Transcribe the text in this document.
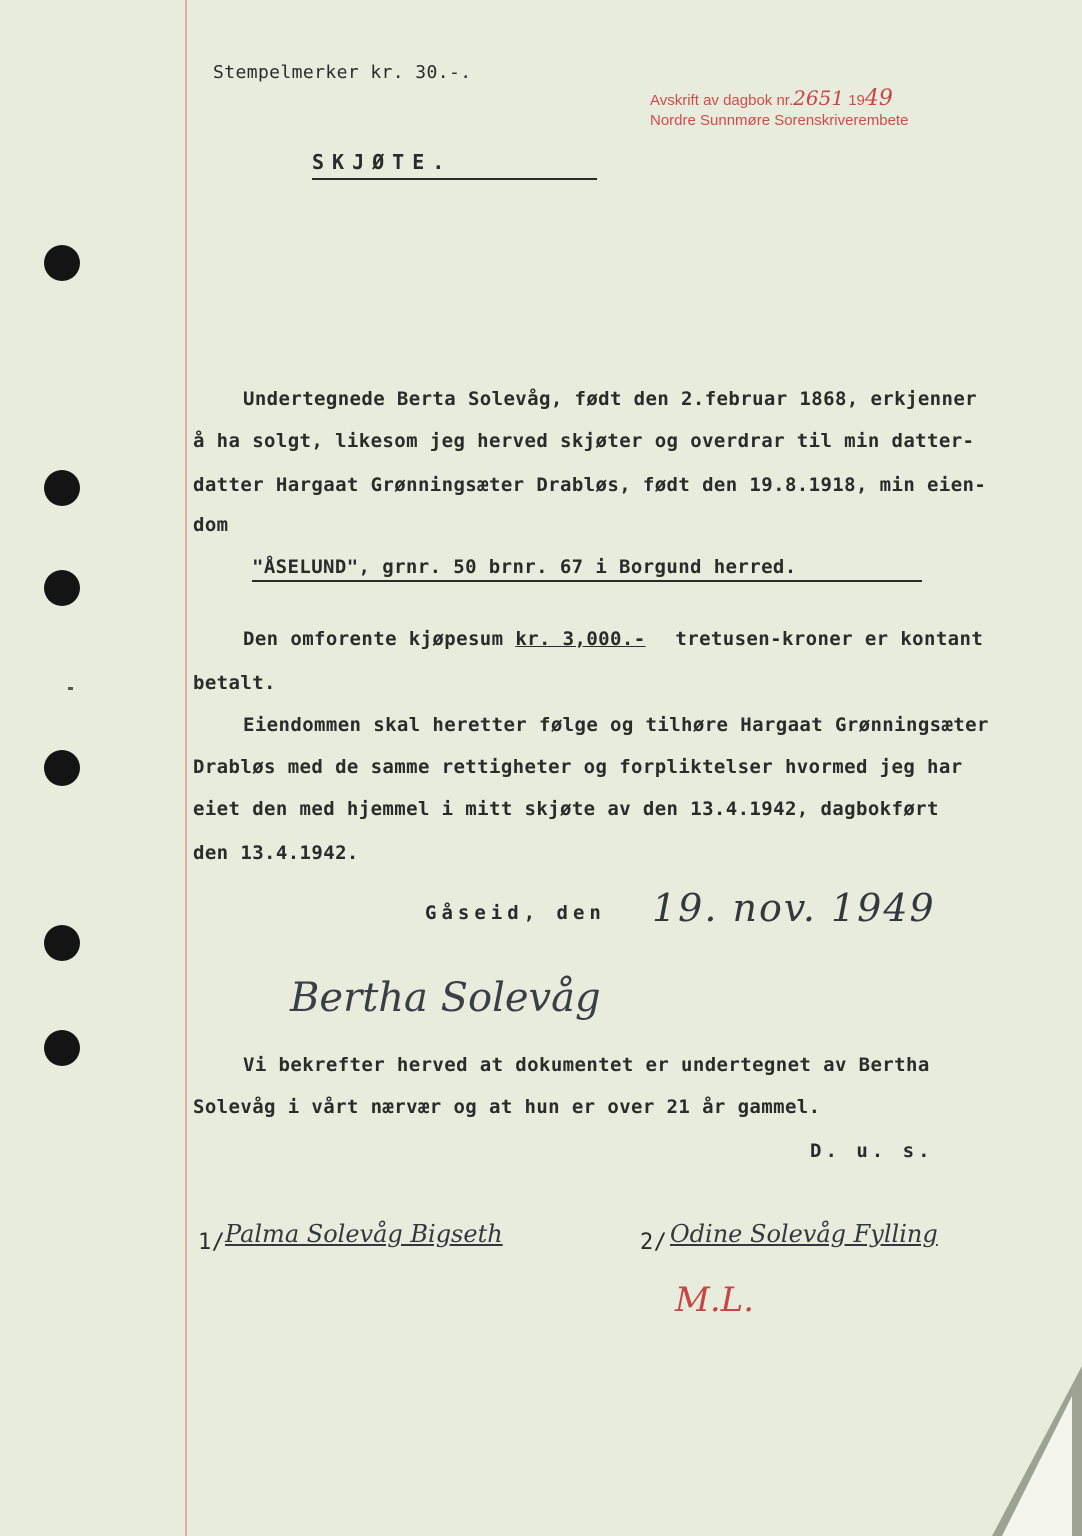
Stempelmerker kr. 30.-.
Avskrift av dagbok nr.2651 1949
Nordre Sunnmøre Sorenskriverembete
SKJØTE.
Undertegnede Berta Solevåg, født den 2.februar 1868, erkjenner
å ha solgt, likesom jeg herved skjøter og overdrar til min datter-
datter Hargaat Grønningsæter Drabløs, født den 19.8.1918, min eien-
dom
"ÅSELUND", grnr. 50 brnr. 67 i Borgund herred.
Den omforente kjøpesum kr. 3,000.- tretusen-kroner er kontant
betalt.
Eiendommen skal heretter følge og tilhøre Hargaat Grønningsæter
Drabløs med de samme rettigheter og forpliktelser hvormed jeg har
eiet den med hjemmel i mitt skjøte av den 13.4.1942, dagbokført
den 13.4.1942.
Gåseid, den 19. nov. 1949
Bertha Solevåg
Vi bekrefter herved at dokumentet er undertegnet av Bertha
Solevåg i vårt nærvær og at hun er over 21 år gammel.
D. u. s.
1/ Palma Solevåg Bigseth	2/ Odine Solevåg Fylling
M.L.
